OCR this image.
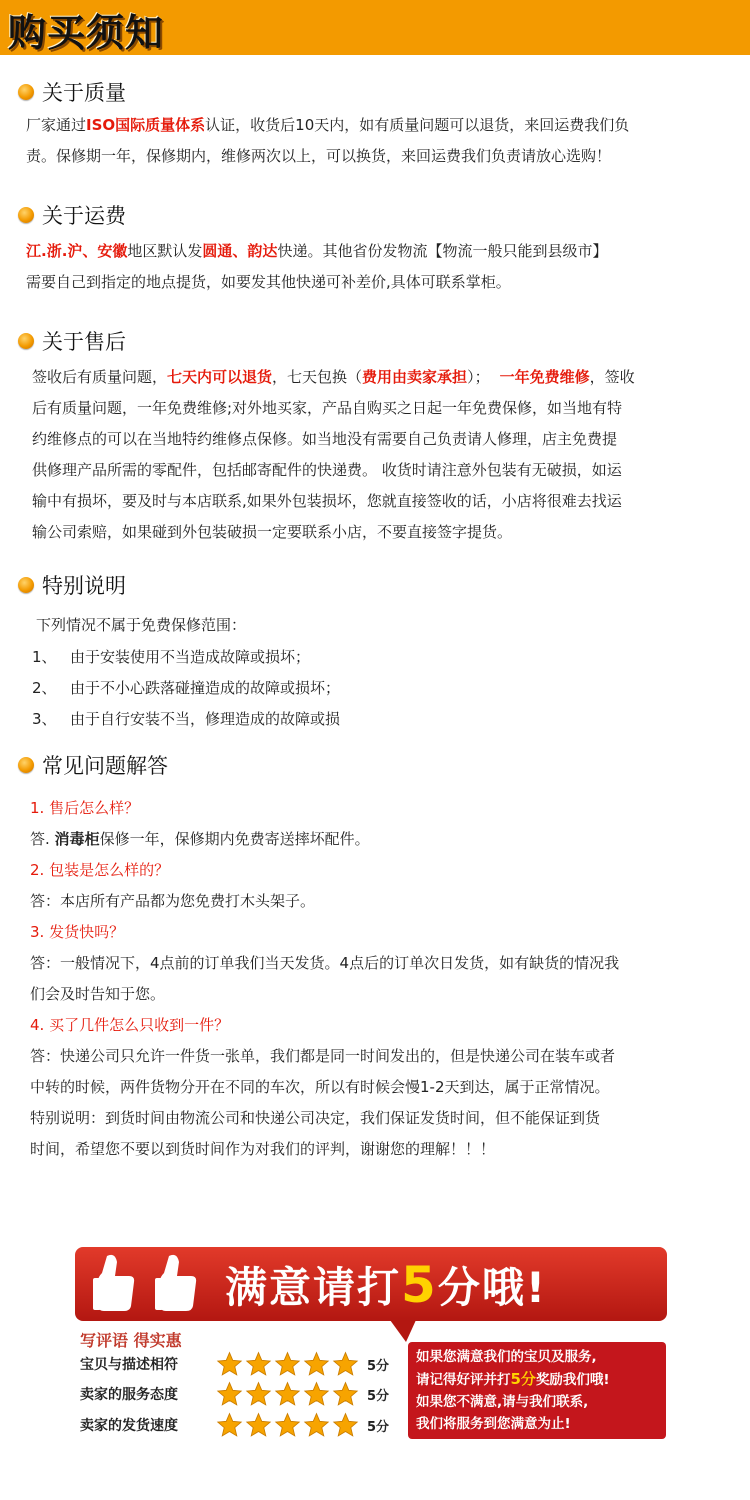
购买须知
关于质量
厂家通过ISO国际质量体系认证，收货后10天内，如有质量问题可以退货，来回运费我们负
责。保修期一年，保修期内，维修两次以上，可以换货，来回运费我们负责请放心选购！
关于运费
江.浙.沪、安徽地区默认发圆通、韵达快递。其他省份发物流【物流一般只能到县级市】
需要自己到指定的地点提货，如要发其他快递可补差价,具体可联系掌柜。
关于售后
签收后有质量问题，七天内可以退货，七天包换（费用由卖家承担）； 一年免费维修，签收
后有质量问题，一年免费维修;对外地买家，产品自购买之日起一年免费保修，如当地有特
约维修点的可以在当地特约维修点保修。如当地没有需要自己负责请人修理，店主免费提
供修理产品所需的零配件，包括邮寄配件的快递费。 收货时请注意外包装有无破损，如运
输中有损坏，要及时与本店联系,如果外包装损坏，您就直接签收的话，小店将很难去找运
输公司索赔，如果碰到外包装破损一定要联系小店，不要直接签字提货。
特别说明
下列情况不属于免费保修范围：
1、 由于安装使用不当造成故障或损坏；
2、 由于不小心跌落碰撞造成的故障或损坏；
3、 由于自行安装不当，修理造成的故障或损
常见问题解答
1. 售后怎么样？
答. 消毒柜保修一年，保修期内免费寄送摔坏配件。
2. 包装是怎么样的？
答：本店所有产品都为您免费打木头架子。
3. 发货快吗？
答：一般情况下，4点前的订单我们当天发货。4点后的订单次日发货，如有缺货的情况我
们会及时告知于您。
4. 买了几件怎么只收到一件？
答：快递公司只允许一件货一张单，我们都是同一时间发出的，但是快递公司在装车或者
中转的时候，两件货物分开在不同的车次，所以有时候会慢1-2天到达，属于正常情况。
特别说明：到货时间由物流公司和快递公司决定，我们保证发货时间，但不能保证到货
时间，希望您不要以到货时间作为对我们的评判，谢谢您的理解！！！
满意请打5分哦!
写评语 得实惠
宝贝与描述相符	5分
卖家的服务态度	5分
卖家的发货速度	5分
如果您满意我们的宝贝及服务,
请记得好评并打5分奖励我们哦!
如果您不满意,请与我们联系,
我们将服务到您满意为止!
